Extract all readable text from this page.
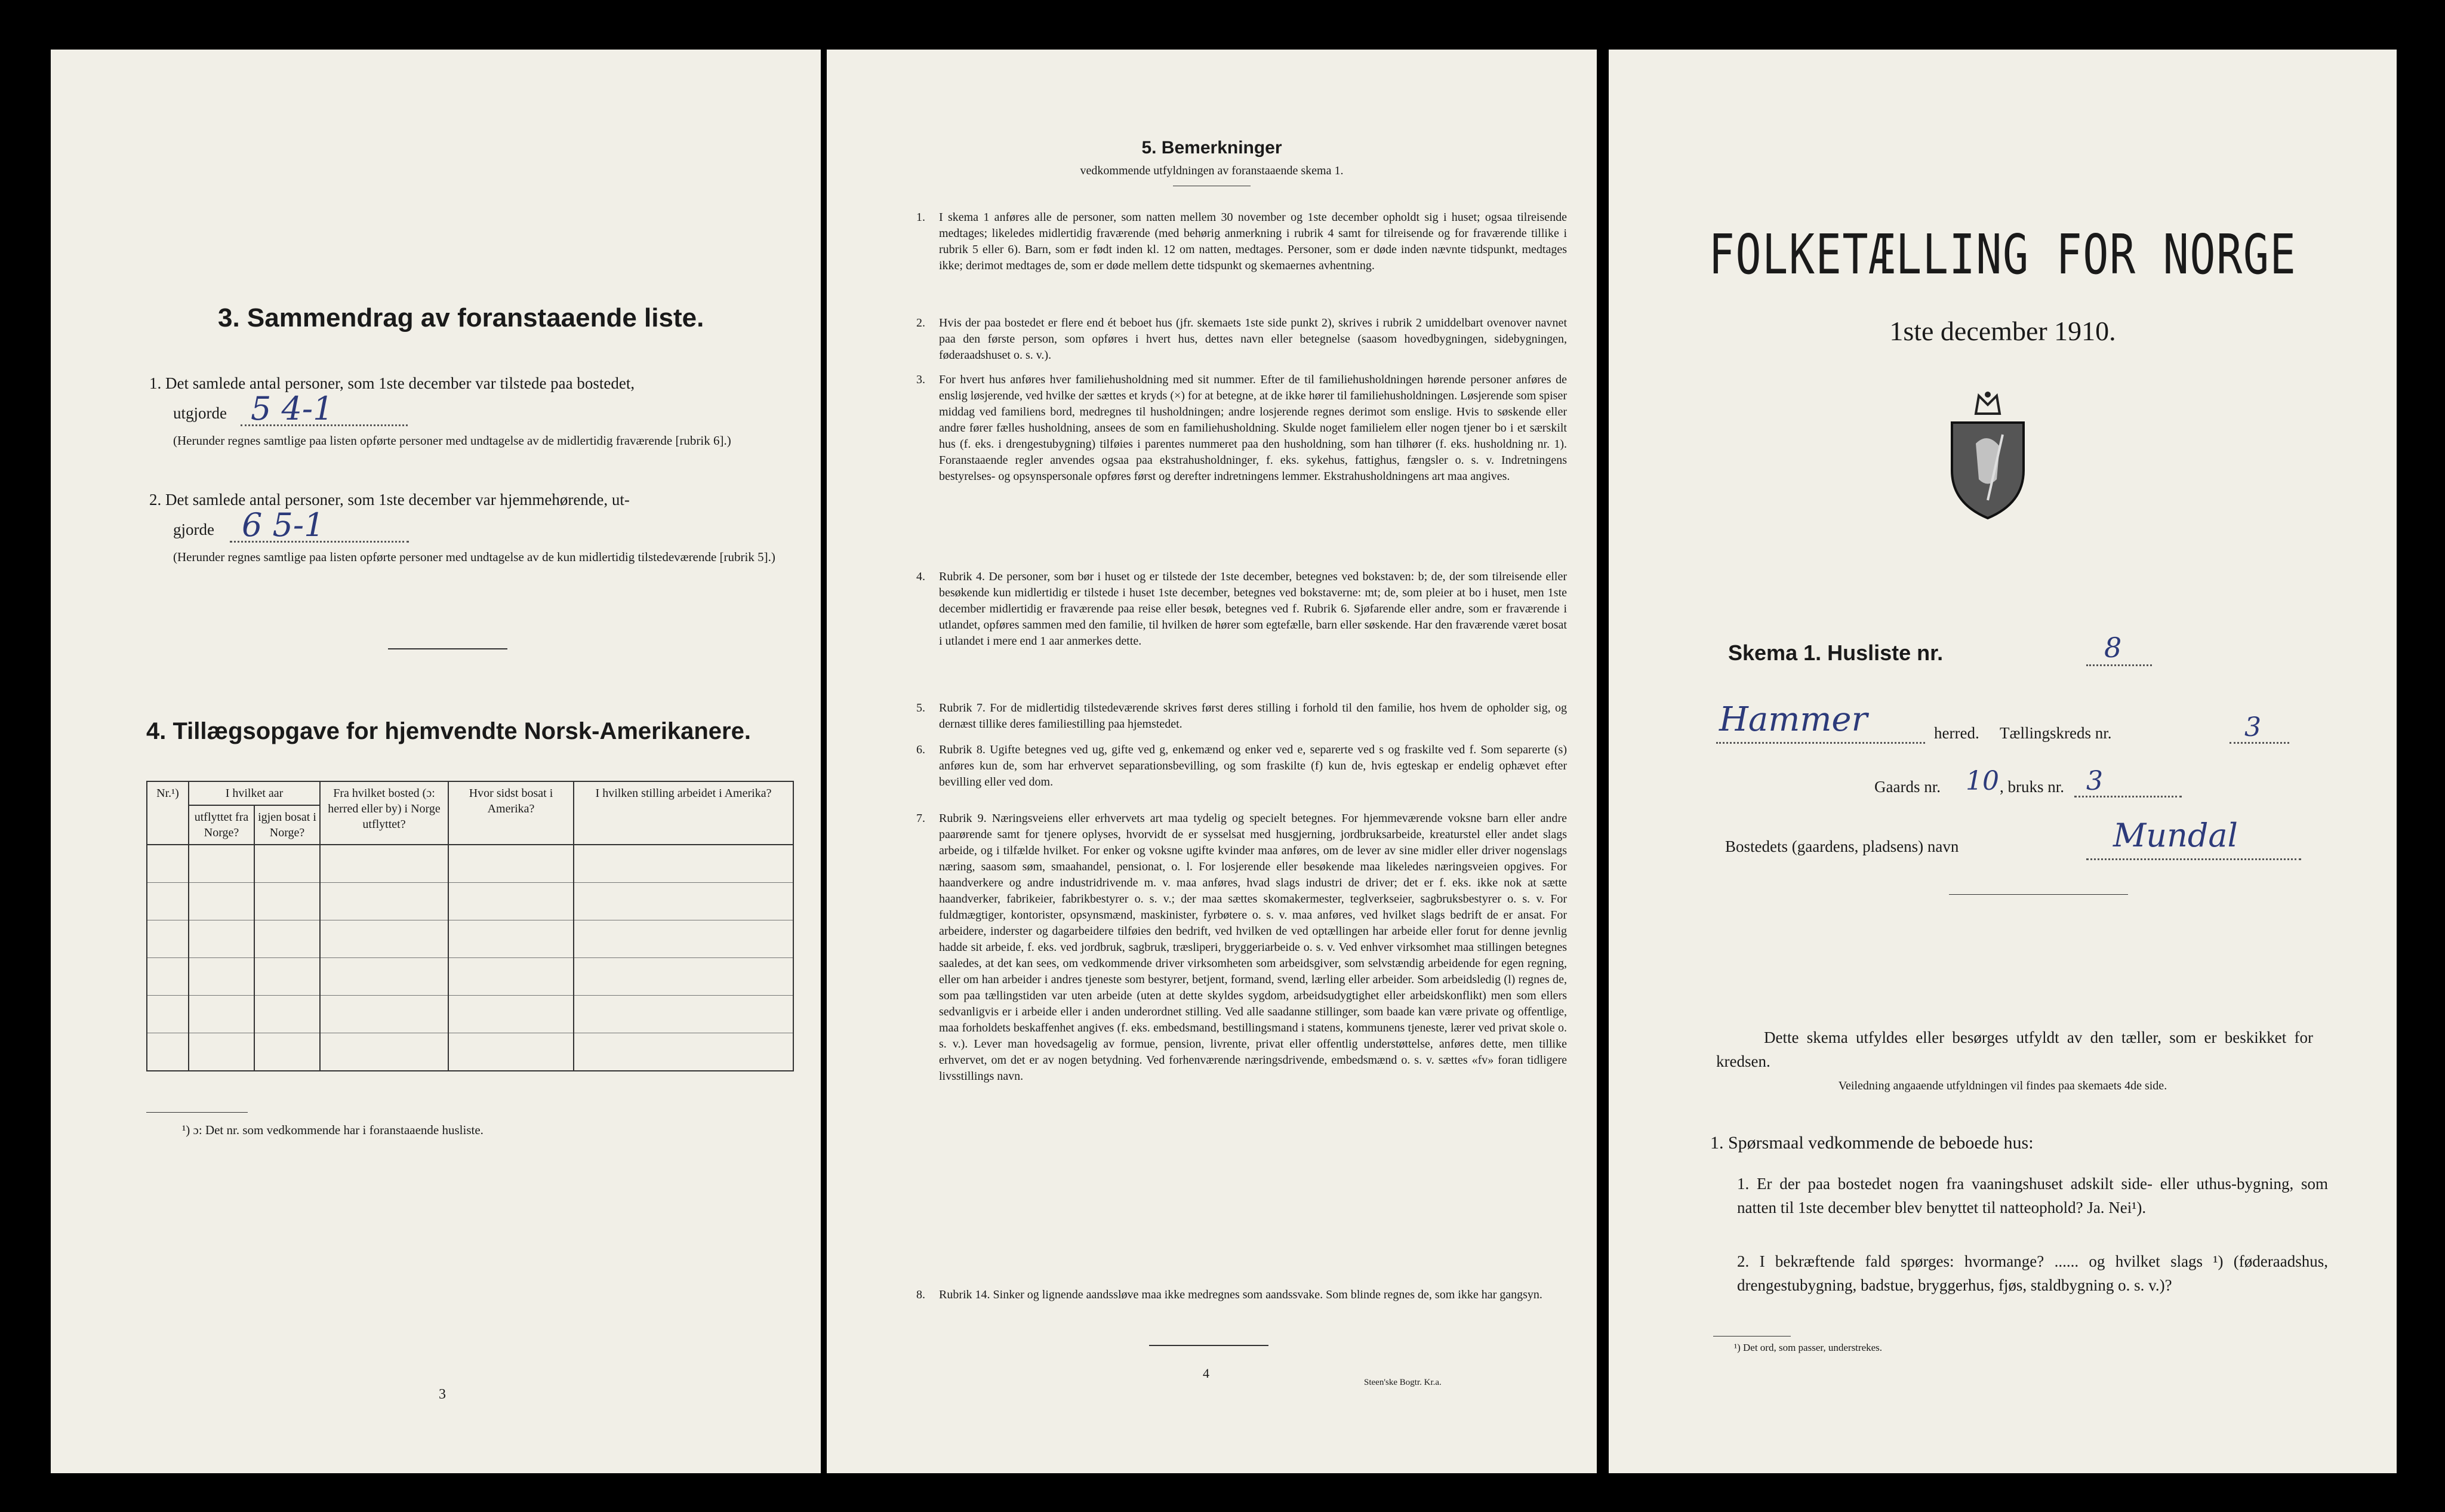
3. Sammendrag av foranstaaende liste.
1. Det samlede antal personer, som 1ste december var tilstede paa bostedet,
utgjorde 5 4-1
(Herunder regnes samtlige paa listen opførte personer med undtagelse av de midlertidig fraværende [rubrik 6].)
2. Det samlede antal personer, som 1ste december var hjemmehørende, ut-
gjorde 6 5-1
(Herunder regnes samtlige paa listen opførte personer med undtagelse av de kun midlertidig tilstedeværende [rubrik 5].)
4. Tillægsopgave for hjemvendte Norsk-Amerikanere.
Nr.¹)	I hvilket aar		Fra hvilket bosted (ɔ: herred eller by) i Norge utflyttet?	Hvor sidst bosat i Amerika?	I hvilken stilling arbeidet i Amerika?
	utflyttet fra Norge?	igjen bosat i Norge?			

¹) ɔ: Det nr. som vedkommende har i foranstaaende husliste.
3
5. Bemerkninger
vedkommende utfyldningen av foranstaaende skema 1.
1.	I skema 1 anføres alle de personer, som natten mellem 30 november og 1ste december opholdt sig i huset; ogsaa tilreisende medtages; likeledes midlertidig fraværende (med behørig anmerkning i rubrik 4 samt for tilreisende og for fraværende tillike i rubrik 5 eller 6). Barn, som er født inden kl. 12 om natten, medtages. Personer, som er døde inden nævnte tidspunkt, medtages ikke; derimot medtages de, som er døde mellem dette tidspunkt og skemaernes avhentning.
2.	Hvis der paa bostedet er flere end ét beboet hus (jfr. skemaets 1ste side punkt 2), skrives i rubrik 2 umiddelbart ovenover navnet paa den første person, som opføres i hvert hus, dettes navn eller betegnelse (saasom hovedbygningen, sidebygningen, føderaadshuset o. s. v.).
3.	For hvert hus anføres hver familiehusholdning med sit nummer. Efter de til familiehusholdningen hørende personer anføres de enslig løsjerende, ved hvilke der sættes et kryds (×) for at betegne, at de ikke hører til familiehusholdningen. Løsjerende som spiser middag ved familiens bord, medregnes til husholdningen; andre losjerende regnes derimot som enslige. Hvis to søskende eller andre fører fælles husholdning, ansees de som en familiehusholdning. Skulde noget familielem eller nogen tjener bo i et særskilt hus (f. eks. i drengestubygning) tilføies i parentes nummeret paa den husholdning, som han tilhører (f. eks. husholdning nr. 1). Foranstaaende regler anvendes ogsaa paa ekstrahusholdninger, f. eks. sykehus, fattighus, fængsler o. s. v. Indretningens bestyrelses- og opsynspersonale opføres først og derefter indretningens lemmer. Ekstrahusholdningens art maa angives.
4.	Rubrik 4. De personer, som bør i huset og er tilstede der 1ste december, betegnes ved bokstaven: b; de, der som tilreisende eller besøkende kun midlertidig er tilstede i huset 1ste december, betegnes ved bokstaverne: mt; de, som pleier at bo i huset, men 1ste december midlertidig er fraværende paa reise eller besøk, betegnes ved f. Rubrik 6. Sjøfarende eller andre, som er fraværende i utlandet, opføres sammen med den familie, til hvilken de hører som egtefælle, barn eller søskende. Har den fraværende været bosat i utlandet i mere end 1 aar anmerkes dette.
5.	Rubrik 7. For de midlertidig tilstedeværende skrives først deres stilling i forhold til den familie, hos hvem de opholder sig, og dernæst tillike deres familiestilling paa hjemstedet.
6.	Rubrik 8. Ugifte betegnes ved ug, gifte ved g, enkemænd og enker ved e, separerte ved s og fraskilte ved f. Som separerte (s) anføres kun de, som har erhvervet separationsbevilling, og som fraskilte (f) kun de, hvis egteskap er endelig ophævet efter bevilling eller ved dom.
7.	Rubrik 9. Næringsveiens eller erhvervets art maa tydelig og specielt betegnes. For hjemmeværende voksne barn eller andre paarørende samt for tjenere oplyses, hvorvidt de er sysselsat med husgjerning, jordbruksarbeide, kreaturstel eller andet slags arbeide, og i tilfælde hvilket. For enker og voksne ugifte kvinder maa anføres, om de lever av sine midler eller driver nogenslags næring, saasom søm, smaahandel, pensionat, o. l. For losjerende eller besøkende maa likeledes næringsveien opgives. For haandverkere og andre industridrivende m. v. maa anføres, hvad slags industri de driver; det er f. eks. ikke nok at sætte haandverker, fabrikeier, fabrikbestyrer o. s. v.; der maa sættes skomakermester, teglverkseier, sagbruksbestyrer o. s. v. For fuldmægtiger, kontorister, opsynsmænd, maskinister, fyrbøtere o. s. v. maa anføres, ved hvilket slags bedrift de er ansat. For arbeidere, inderster og dagarbeidere tilføies den bedrift, ved hvilken de ved optællingen har arbeide eller forut for denne jevnlig hadde sit arbeide, f. eks. ved jordbruk, sagbruk, træsliperi, bryggeriarbeide o. s. v. Ved enhver virksomhet maa stillingen betegnes saaledes, at det kan sees, om vedkommende driver virksomheten som arbeidsgiver, som selvstændig arbeidende for egen regning, eller om han arbeider i andres tjeneste som bestyrer, betjent, formand, svend, lærling eller arbeider. Som arbeidsledig (l) regnes de, som paa tællingstiden var uten arbeide (uten at dette skyldes sygdom, arbeidsudygtighet eller arbeidskonflikt) men som ellers sedvanligvis er i arbeide eller i anden underordnet stilling. Ved alle saadanne stillinger, som baade kan være private og offentlige, maa forholdets beskaffenhet angives (f. eks. embedsmand, bestillingsmand i statens, kommunens tjeneste, lærer ved privat skole o. s. v.). Lever man hovedsagelig av formue, pension, livrente, privat eller offentlig understøttelse, anføres dette, men tillike erhvervet, om det er av nogen betydning. Ved forhenværende næringsdrivende, embedsmænd o. s. v. sættes «fv» foran tidligere livsstillings navn.
8.	Rubrik 14. Sinker og lignende aandssløve maa ikke medregnes som aandssvake. Som blinde regnes de, som ikke har gangsyn.
4
Steen'ske Bogtr. Kr.a.
FOLKETÆLLING FOR NORGE
1ste december 1910.
Skema 1. Husliste nr.	8
Hammer	herred. Tællingskreds nr.	3
Gaards nr. 10 , bruks nr. 3
Bostedets (gaardens, pladsens) navn	Mundal
Dette skema utfyldes eller besørges utfyldt av den tæller, som er beskikket for kredsen.
Veiledning angaaende utfyldningen vil findes paa skemaets 4de side.
1. Spørsmaal vedkommende de beboede hus:
1. Er der paa bostedet nogen fra vaaningshuset adskilt side- eller uthus-bygning, som natten til 1ste december blev benyttet til natteophold? Ja. Nei¹).
2. I bekræftende fald spørges: hvormange? ...... og hvilket slags ¹) (føderaadshus, drengestubygning, badstue, bryggerhus, fjøs, staldbygning o. s. v.)?
¹) Det ord, som passer, understrekes.
